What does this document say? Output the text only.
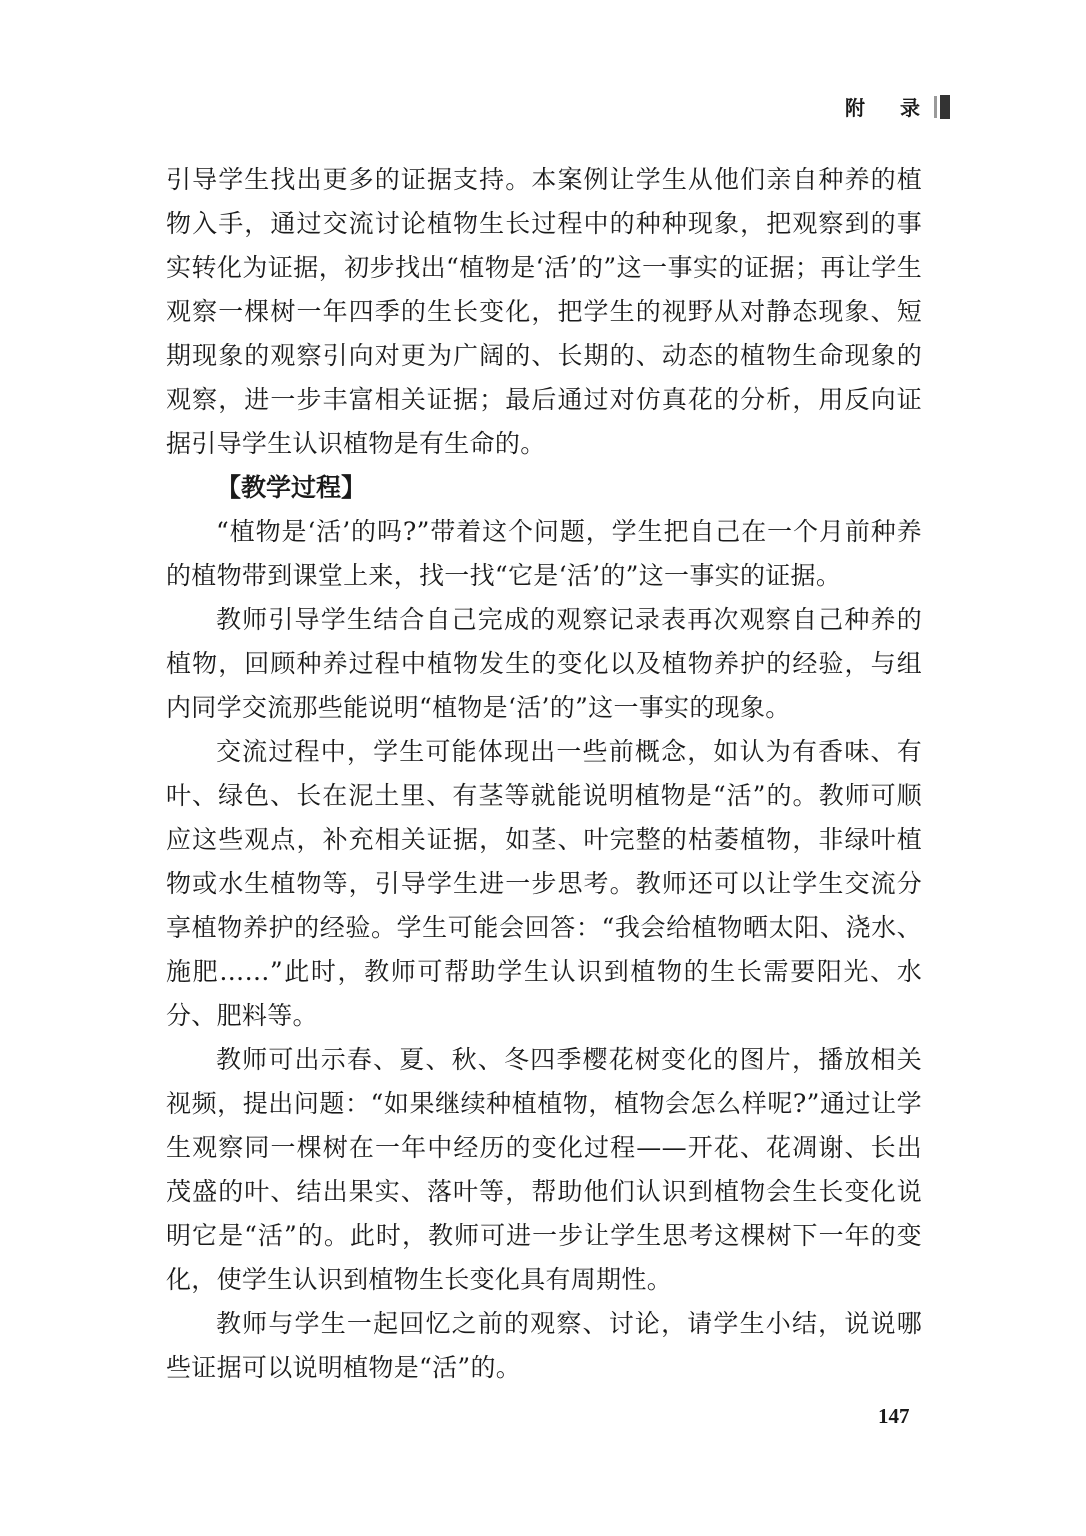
附 录

引导学生找出更多的证据支持。本案例让学生从他们亲自种养的植物入手，通过交流讨论植物生长过程中的种种现象，把观察到的事实转化为证据，初步找出“植物是‘活’的”这一事实的证据；再让学生观察一棵树一年四季的生长变化，把学生的视野从对静态现象、短期现象的观察引向对更为广阔的、长期的、动态的植物生命现象的观察，进一步丰富相关证据；最后通过对仿真花的分析，用反向证据引导学生认识植物是有生命的。

【教学过程】

“植物是‘活’的吗?”带着这个问题，学生把自己在一个月前种养的植物带到课堂上来，找一找“它是‘活’的”这一事实的证据。

教师引导学生结合自己完成的观察记录表再次观察自己种养的植物，回顾种养过程中植物发生的变化以及植物养护的经验，与组内同学交流那些能说明“植物是‘活’的”这一事实的现象。

交流过程中，学生可能体现出一些前概念，如认为有香味、有叶、绿色、长在泥土里、有茎等就能说明植物是“活”的。教师可顺应这些观点，补充相关证据，如茎、叶完整的枯萎植物，非绿叶植物或水生植物等，引导学生进一步思考。教师还可以让学生交流分享植物养护的经验。学生可能会回答：“我会给植物晒太阳、浇水、施肥……”此时，教师可帮助学生认识到植物的生长需要阳光、水分、肥料等。

教师可出示春、夏、秋、冬四季樱花树变化的图片，播放相关视频，提出问题：“如果继续种植植物，植物会怎么样呢?”通过让学生观察同一棵树在一年中经历的变化过程——开花、花凋谢、长出茂盛的叶、结出果实、落叶等，帮助他们认识到植物会生长变化说明它是“活”的。此时，教师可进一步让学生思考这棵树下一年的变化，使学生认识到植物生长变化具有周期性。

教师与学生一起回忆之前的观察、讨论，请学生小结，说说哪些证据可以说明植物是“活”的。

147
